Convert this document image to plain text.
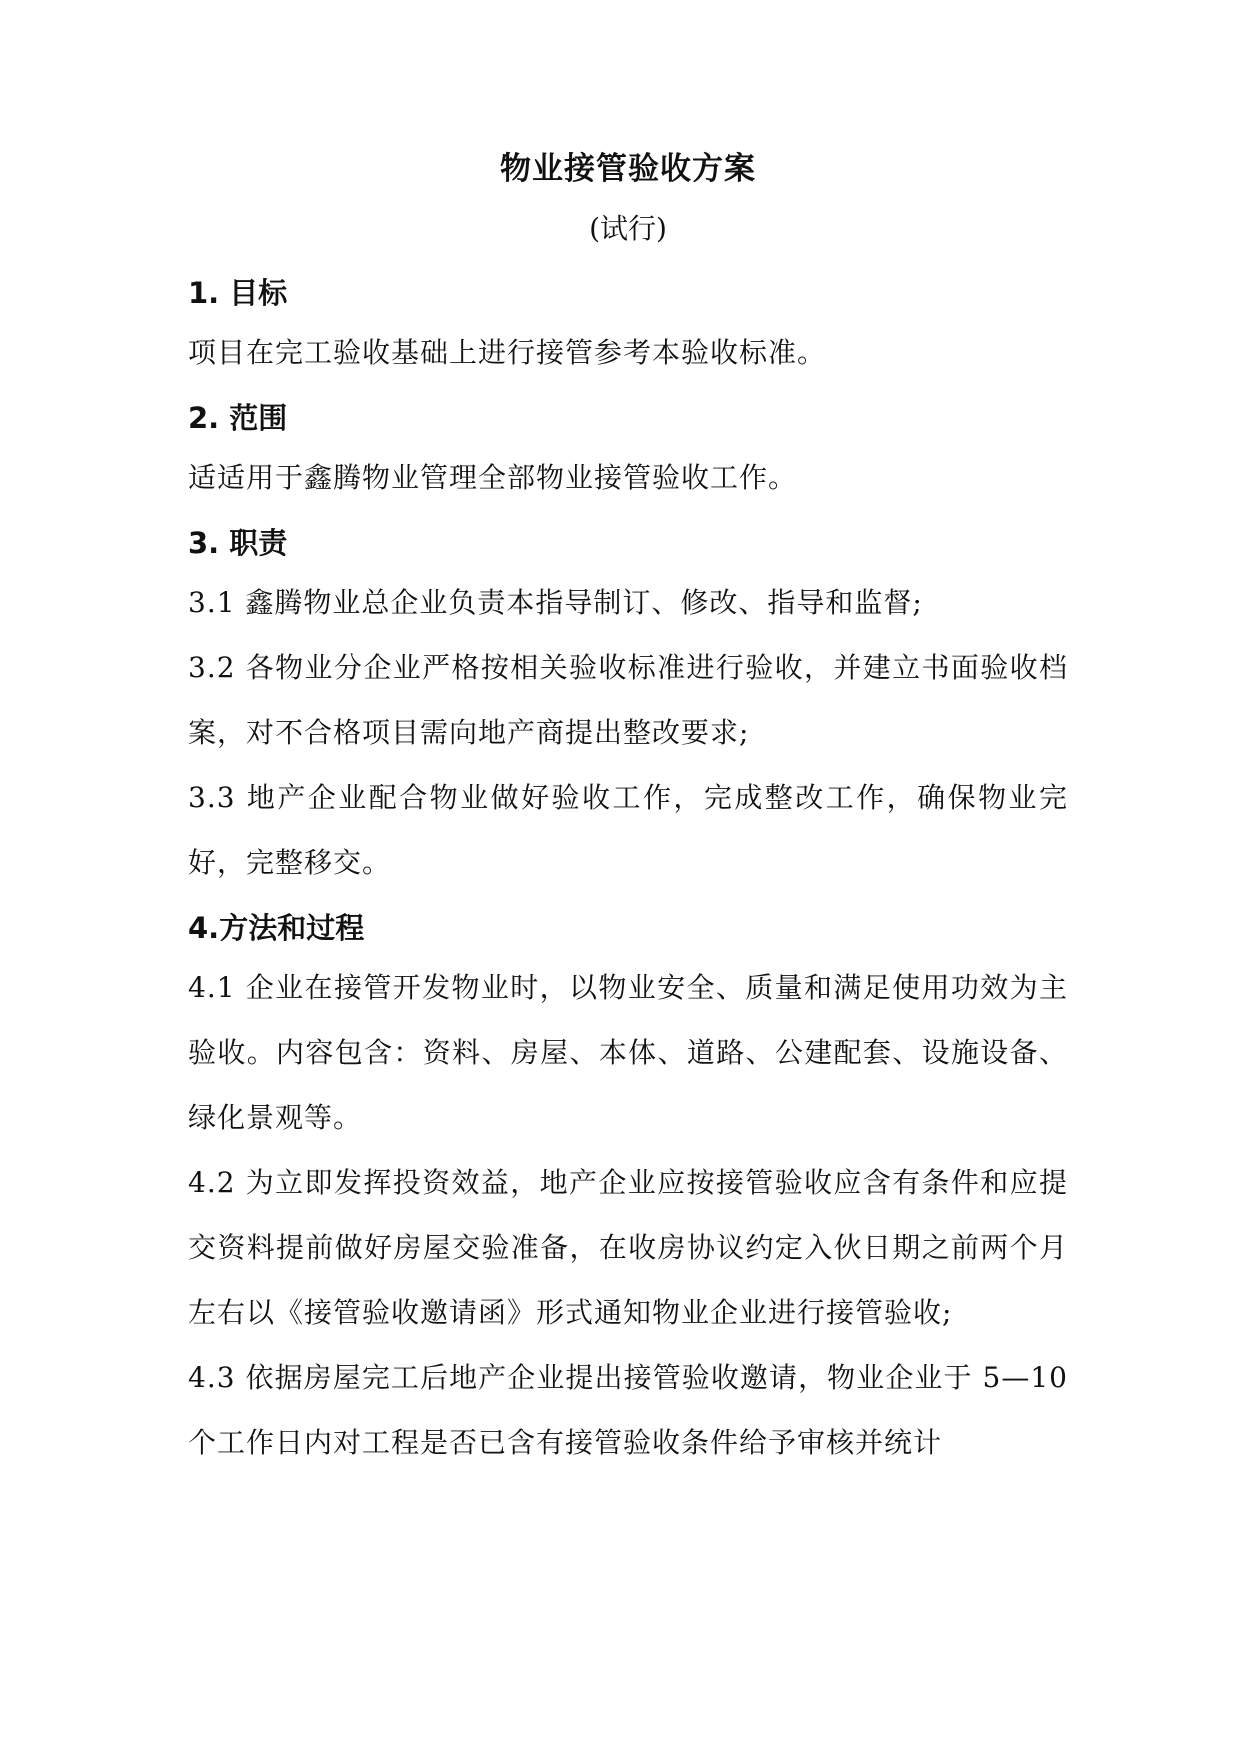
物业接管验收方案
(试行)
1. 目标

项目在完工验收基础上进行接管参考本验收标准。

2. 范围

适适用于鑫腾物业管理全部物业接管验收工作。

3. 职责

3.1 鑫腾物业总企业负责本指导制订、修改、指导和监督;

3.2 各物业分企业严格按相关验收标准进行验收，并建立书面验收档案，对不合格项目需向地产商提出整改要求;

3.3 地产企业配合物业做好验收工作，完成整改工作，确保物业完好，完整移交。

4.方法和过程

4.1 企业在接管开发物业时，以物业安全、质量和满足使用功效为主验收。内容包含：资料、房屋、本体、道路、公建配套、设施设备、绿化景观等。

4.2 为立即发挥投资效益，地产企业应按接管验收应含有条件和应提交资料提前做好房屋交验准备，在收房协议约定入伙日期之前两个月左右以《接管验收邀请函》形式通知物业企业进行接管验收;

4.3 依据房屋完工后地产企业提出接管验收邀请，物业企业于 5—10 个工作日内对工程是否已含有接管验收条件给予审核并统计
